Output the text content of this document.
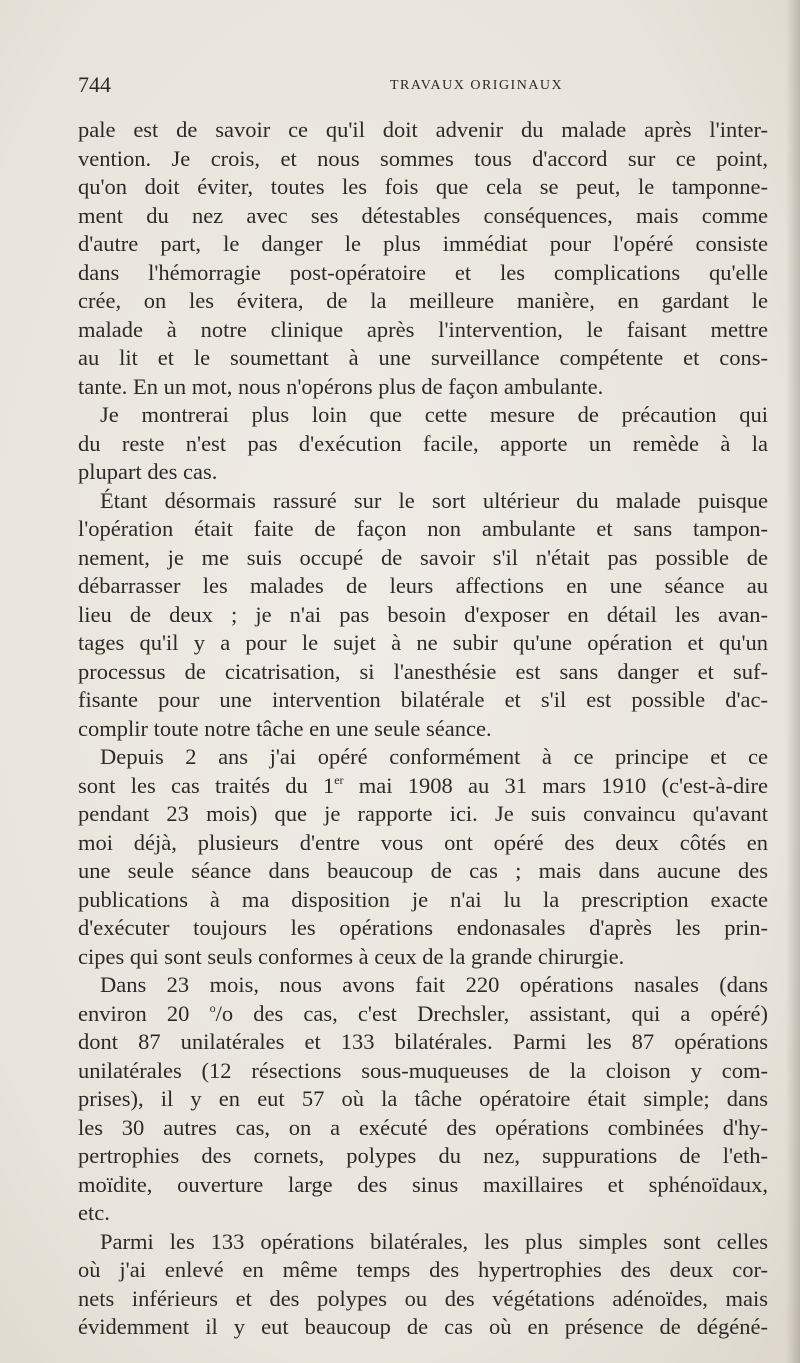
744	TRAVAUX ORIGINAUX
pale est de savoir ce qu'il doit advenir du malade après l'inter-
vention. Je crois, et nous sommes tous d'accord sur ce point,
qu'on doit éviter, toutes les fois que cela se peut, le tamponne-
ment du nez avec ses détestables conséquences, mais comme
d'autre part, le danger le plus immédiat pour l'opéré consiste
dans l'hémorragie post-opératoire et les complications qu'elle
crée, on les évitera, de la meilleure manière, en gardant le
malade à notre clinique après l'intervention, le faisant mettre
au lit et le soumettant à une surveillance compétente et cons-
tante. En un mot, nous n'opérons plus de façon ambulante.
Je montrerai plus loin que cette mesure de précaution qui
du reste n'est pas d'exécution facile, apporte un remède à la
plupart des cas.
Étant désormais rassuré sur le sort ultérieur du malade puisque
l'opération était faite de façon non ambulante et sans tampon-
nement, je me suis occupé de savoir s'il n'était pas possible de
débarrasser les malades de leurs affections en une séance au
lieu de deux ; je n'ai pas besoin d'exposer en détail les avan-
tages qu'il y a pour le sujet à ne subir qu'une opération et qu'un
processus de cicatrisation, si l'anesthésie est sans danger et suf-
fisante pour une intervention bilatérale et s'il est possible d'ac-
complir toute notre tâche en une seule séance.
Depuis 2 ans j'ai opéré conformément à ce principe et ce
sont les cas traités du 1er mai 1908 au 31 mars 1910 (c'est-à-dire
pendant 23 mois) que je rapporte ici. Je suis convaincu qu'avant
moi déjà, plusieurs d'entre vous ont opéré des deux côtés en
une seule séance dans beaucoup de cas ; mais dans aucune des
publications à ma disposition je n'ai lu la prescription exacte
d'exécuter toujours les opérations endonasales d'après les prin-
cipes qui sont seuls conformes à ceux de la grande chirurgie.
Dans 23 mois, nous avons fait 220 opérations nasales (dans
environ 20 $^o$/o des cas, c'est Drechsler, assistant, qui a opéré)
dont 87 unilatérales et 133 bilatérales. Parmi les 87 opérations
unilatérales (12 résections sous-muqueuses de la cloison y com-
prises), il y en eut 57 où la tâche opératoire était simple; dans
les 30 autres cas, on a exécuté des opérations combinées d'hy-
pertrophies des cornets, polypes du nez, suppurations de l'eth-
moïdite, ouverture large des sinus maxillaires et sphénoïdaux,
etc.
Parmi les 133 opérations bilatérales, les plus simples sont celles
où j'ai enlevé en même temps des hypertrophies des deux cor-
nets inférieurs et des polypes ou des végétations adénoïdes, mais
évidemment il y eut beaucoup de cas où en présence de dégéné-
